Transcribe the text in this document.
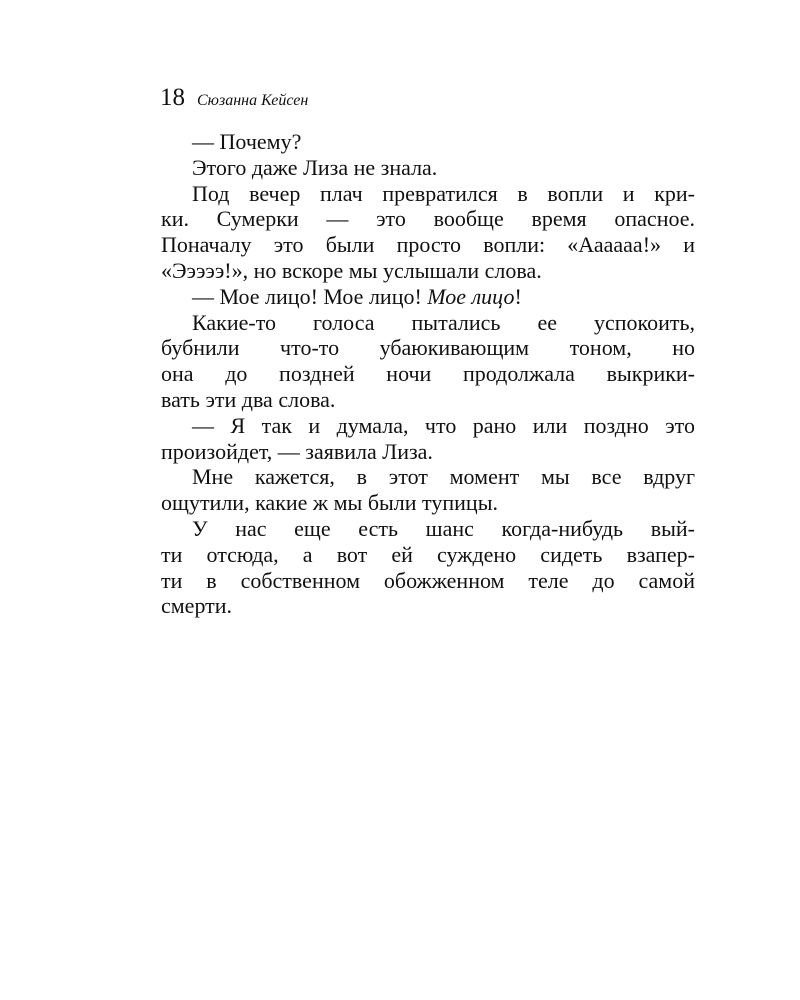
18 Сюзанна Кейсен
— Почему?
Этого даже Лиза не знала.
Под вечер плач превратился в вопли и кри-
ки. Сумерки — это вообще время опасное.
Поначалу это были просто вопли: «Аааааа!» и
«Эээээ!», но вскоре мы услышали слова.
— Мое лицо! Мое лицо! Мое лицо!
Какие-то голоса пытались ее успокоить,
бубнили что-то убаюкивающим тоном, но
она до поздней ночи продолжала выкрики-
вать эти два слова.
— Я так и думала, что рано или поздно это
произойдет, — заявила Лиза.
Мне кажется, в этот момент мы все вдруг
ощутили, какие ж мы были тупицы.
У нас еще есть шанс когда-нибудь вый-
ти отсюда, а вот ей суждено сидеть взапер-
ти в собственном обожженном теле до самой
смерти.
